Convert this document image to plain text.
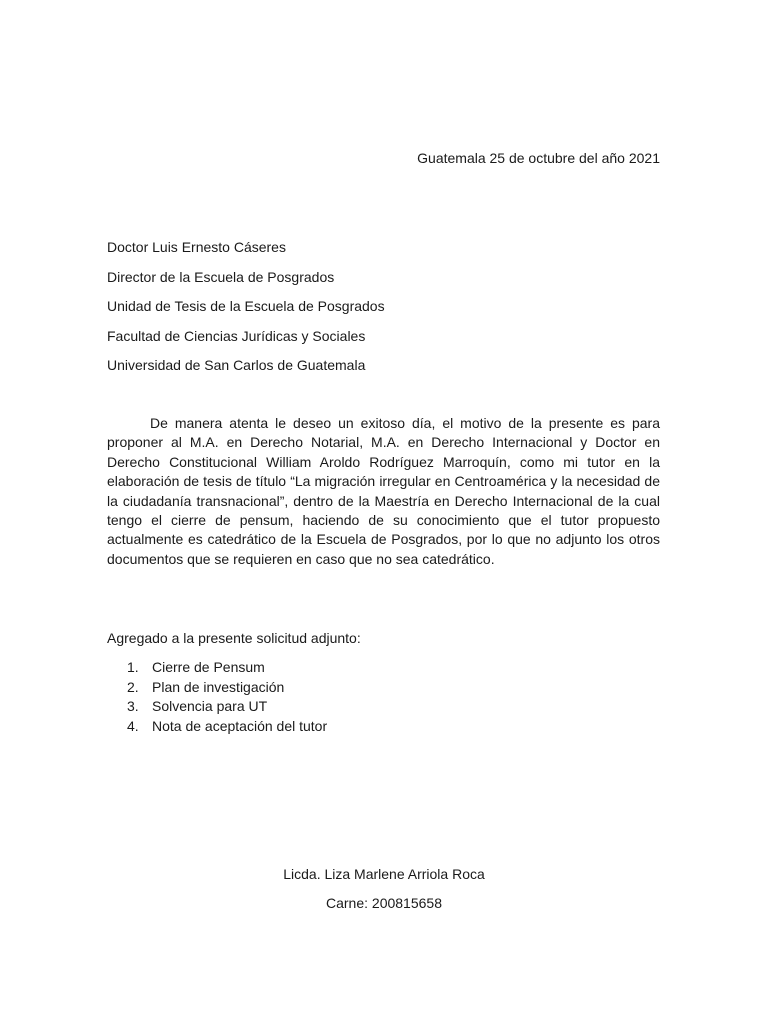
Guatemala 25 de octubre del año 2021
Doctor Luis Ernesto Cáseres
Director de la Escuela de Posgrados
Unidad de Tesis de la Escuela de Posgrados
Facultad de Ciencias Jurídicas y Sociales
Universidad de San Carlos de Guatemala

De manera atenta le deseo un exitoso día, el motivo de la presente es para proponer al M.A. en Derecho Notarial, M.A. en Derecho Internacional y Doctor en Derecho Constitucional William Aroldo Rodríguez Marroquín, como mi tutor en la elaboración de tesis de título “La migración irregular en Centroamérica y la necesidad de la ciudadanía transnacional”, dentro de la Maestría en Derecho Internacional de la cual tengo el cierre de pensum, haciendo de su conocimiento que el tutor propuesto actualmente es catedrático de la Escuela de Posgrados, por lo que no adjunto los otros documentos que se requieren en caso que no sea catedrático.

Agregado a la presente solicitud adjunto:
1. Cierre de Pensum
2. Plan de investigación
3. Solvencia para UT
4. Nota de aceptación del tutor
Licda. Liza Marlene Arriola Roca
Carne: 200815658
